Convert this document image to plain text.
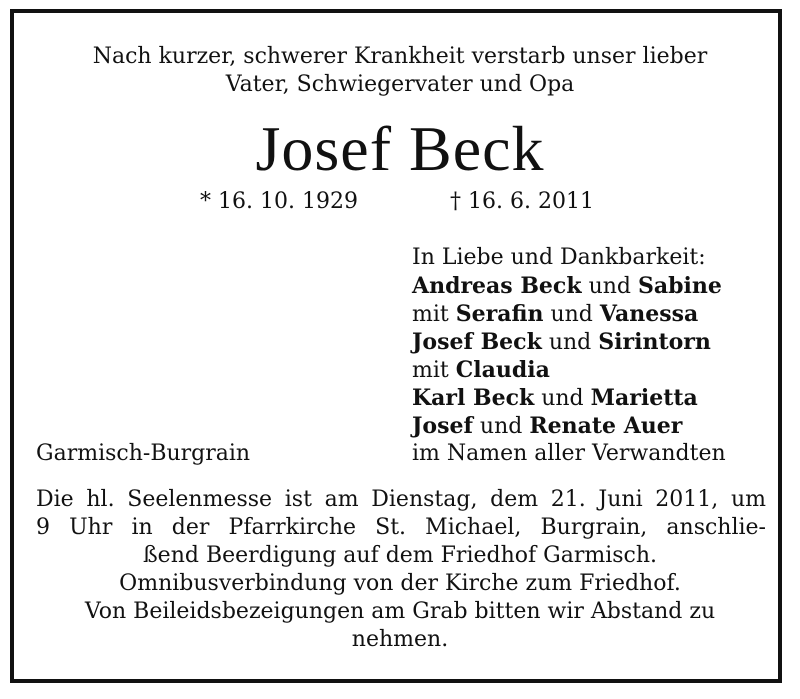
Nach kurzer, schwerer Krankheit verstarb unser lieber
Vater, Schwiegervater und Opa
Josef Beck
* 16. 10. 1929	† 16. 6. 2011
In Liebe und Dankbarkeit:
Andreas Beck und Sabine
mit Serafin und Vanessa
Josef Beck und Sirintorn
mit Claudia
Karl Beck und Marietta
Josef und Renate Auer
Garmisch-Burgrain	im Namen aller Verwandten
Die hl. Seelenmesse ist am Dienstag, dem 21. Juni 2011, um
9 Uhr in der Pfarrkirche St. Michael, Burgrain, anschlie-
ßend Beerdigung auf dem Friedhof Garmisch.
Omnibusverbindung von der Kirche zum Friedhof.
Von Beileidsbezeigungen am Grab bitten wir Abstand zu
nehmen.
